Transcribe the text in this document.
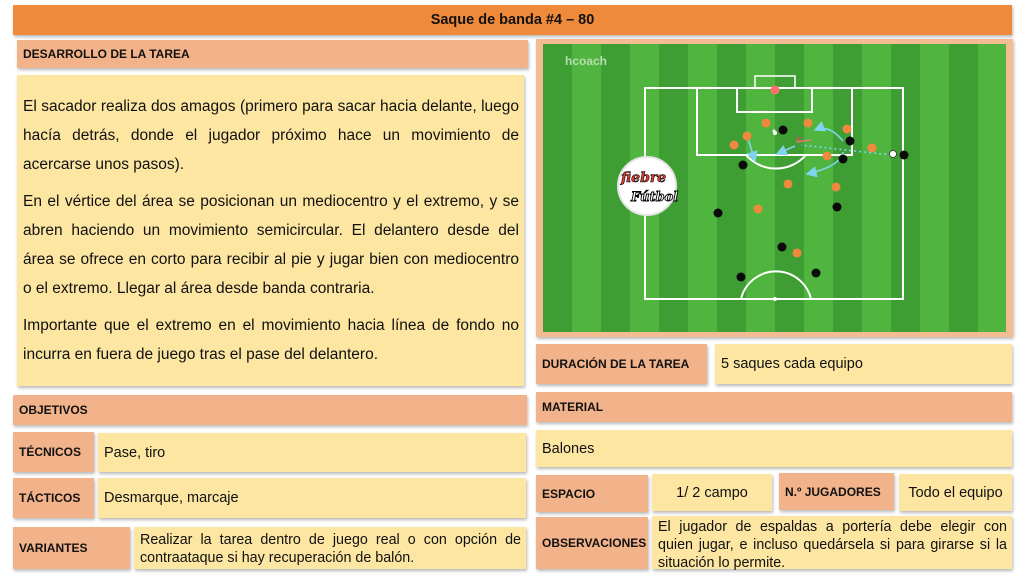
Saque de banda #4 – 80
DESARROLLO DE LA TAREA

El sacador realiza dos amagos (primero para sacar hacia delante, luego hacía detrás, donde el jugador próximo hace un movimiento de acercarse unos pasos).

En el vértice del área se posicionan un mediocentro y el extremo, y se abren haciendo un movimiento semicircular. El delantero desde del área se ofrece en corto para recibir al pie y jugar bien con mediocentro o el extremo. Llegar al área desde banda contraria.

Importante que el extremo en el movimiento hacia línea de fondo no incurra en fuera de juego tras el pase del delantero.

OBJETIVOS
TÉCNICOS	Pase, tiro
TÁCTICOS	Desmarque, marcaje
VARIANTES	Realizar la tarea dentro de juego real o con opción de contraataque si hay recuperación de balón.
hcoach
✕
fiebre
Fútbol
DURACIÓN DE LA TAREA	5 saques cada equipo
MATERIAL
Balones
ESPACIO	1/ 2 campo	N.º JUGADORES	Todo el equipo
OBSERVACIONES
El jugador de espaldas a portería debe elegir con quien jugar, e incluso quedársela si para girarse si la situación lo permite.
